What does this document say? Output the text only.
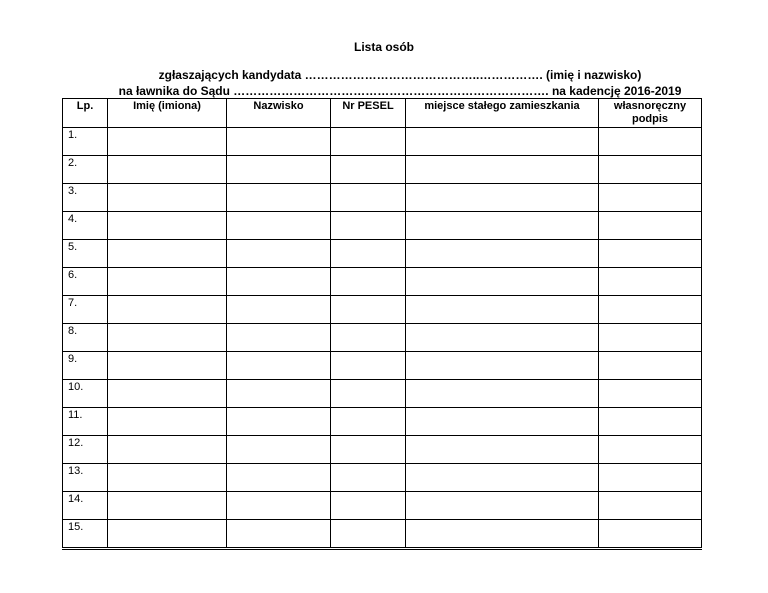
Lista osób
zgłaszających kandydata ……………………………………..……………. (imię i nazwisko)
na ławnika do Sądu ……………………………………………………………………. na kadencję 2016-2019
Lp.	Imię (imiona)	Nazwisko	Nr PESEL	miejsce stałego zamieszkania	własnoręczny podpis
1.					
2.					
3.					
4.					
5.					
6.					
7.					
8.					
9.					
10.					
11.					
12.					
13.					
14.					
15.					
